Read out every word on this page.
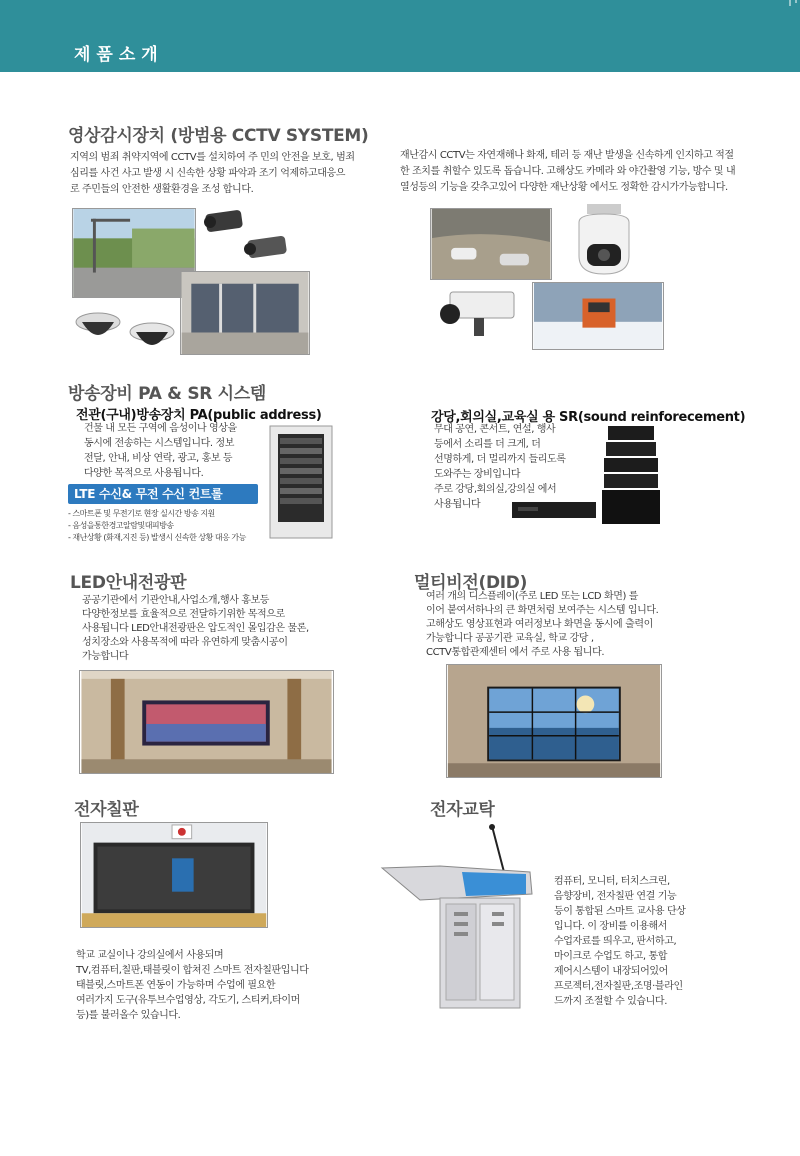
제품소개
영상감시장치 (방범용 CCTV SYSTEM)
지역의 범죄 취약지역에 CCTV를 설치하여 주 민의 안전을 보호, 범죄
심리를 사건 사고 발생 시 신속한 상황 파악과 조기 억제하고대응으
로 주민들의 안전한 생활환경을 조성 합니다.
재난감시 CCTV는 자연재해나 화재, 테러 등 재난 발생을 신속하게 인지하고 적절
한 조치를 취할수 있도록 돕습니다. 고해상도 카메라 와 야간촬영 기능, 방수 및 내
열성등의 기능을 갖추고있어 다양한 재난상황 에서도 정확한 감시가가능합니다.
방송장비 PA & SR 시스템
전관(구내)방송장치 PA(public address)
건물 내 모든 구역에 음성이나 영상을
동시에 전송하는 시스템입니다. 정보
전달, 안내, 비상 연락, 광고, 홍보 등
다양한 목적으로 사용됩니다.
LTE 수신& 무전 수신 컨트롤
- 스마트폰 및 무전기로 현장 실시간 방송 지원
- 음성을통한경고알람및대피방송
- 재난상황 (화재,지진 등) 발생시 신속한 상황 대응 가능
강당,회의실,교육실 용 SR(sound reinforecement)
무대 공연, 콘서트, 연설, 행사
등에서 소리를 더 크게, 더
선명하게, 더 멀리까지 들리도록
도와주는 장비입니다
주로 강당,회의실,강의실 에서
사용됩니다
LED안내전광판
공공기관에서 기관안내,사업소개,행사 홍보등
다양한정보를 효율적으로 전달하기위한 목적으로
사용됩니다 LED안내전광판은 압도적인 몰입감은 물론,
성치장소와 사용목적에 따라 유연하게 맞춤시공이
가능합니다
멀티비전(DID)
여러 개의 디스플레이(주로 LED 또는 LCD 화면) 를
이어 붙여서하나의 큰 화면처럼 보여주는 시스템 입니다.
고해상도 영상표현과 여러정보나 화면을 동시에 출력이
가능합니다 공공기관 교육실, 학교 강당 ,
CCTV통합관제센터 에서 주로 사용 됩니다.
전자칠판
학교 교실이나 강의실에서 사용되며
TV,컴퓨터,칠판,태블릿이 합쳐진 스마트 전자칠판입니다
태블릿,스마트폰 연동이 가능하며 수업에 필요한
여러가지 도구(유투브수업영상, 각도기, 스티커,타이머
등)를 불러올수 있습니다.
전자교탁
컴퓨터, 모니터, 터치스크린,
음향장비, 전자칠판 연결 기능
등이 통합된 스마트 교사용 단상
입니다. 이 장비를 이용해서
수업자료를 띄우고, 판서하고,
마이크로 수업도 하고, 통합
제어시스템이 내장되어있어
프로젝터,전자칠판,조명·블라인
드까지 조절할 수 있습니다.
